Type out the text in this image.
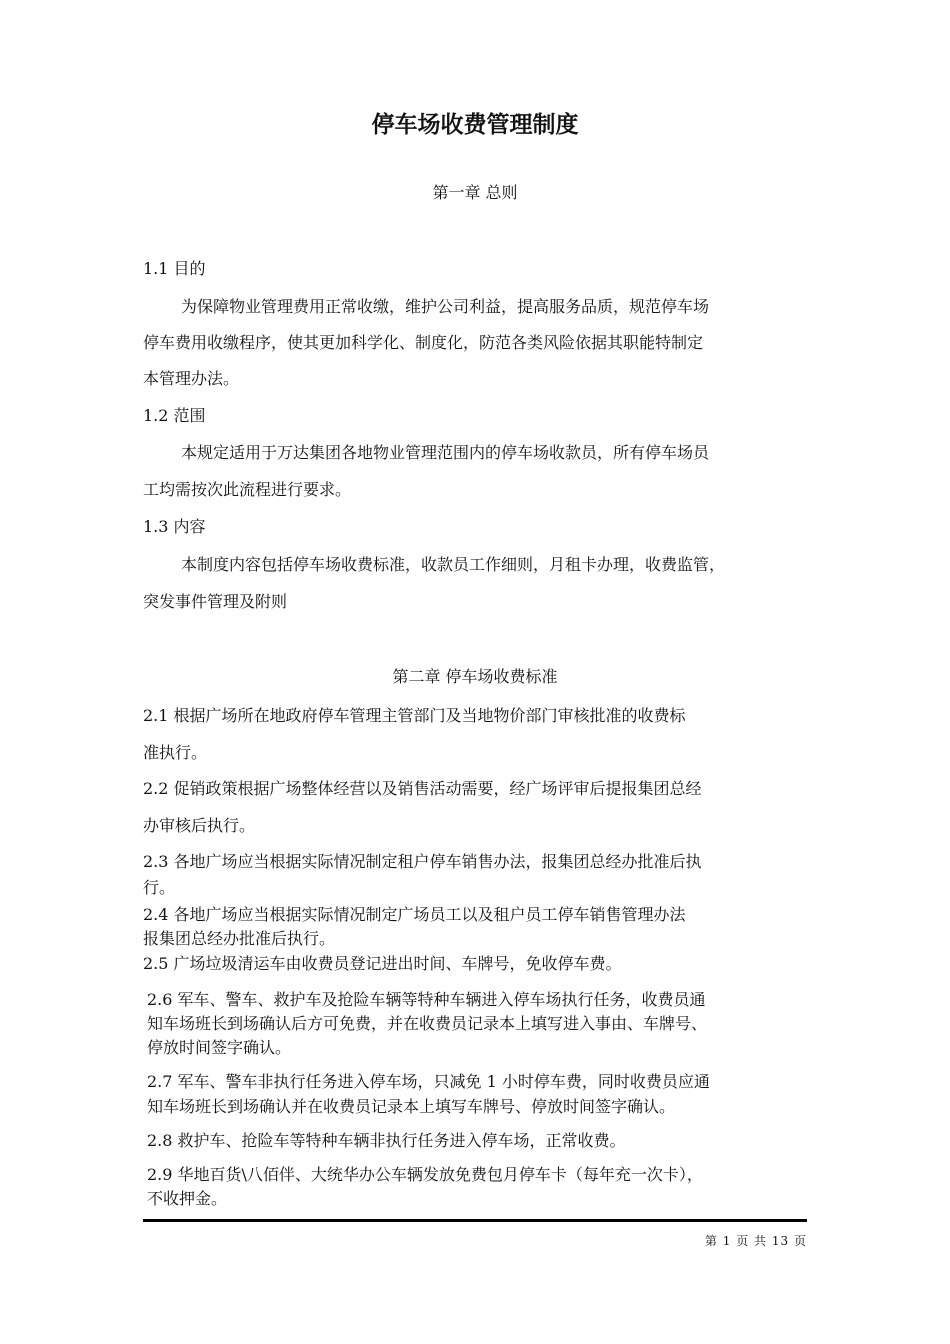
停车场收费管理制度
第一章 总则
1.1 目的
为保障物业管理费用正常收缴，维护公司利益，提高服务品质，规范停车场
停车费用收缴程序，使其更加科学化、制度化，防范各类风险依据其职能特制定
本管理办法。
1.2 范围
本规定适用于万达集团各地物业管理范围内的停车场收款员，所有停车场员
工均需按次此流程进行要求。
1.3 内容
本制度内容包括停车场收费标准，收款员工作细则，月租卡办理，收费监管，
突发事件管理及附则
第二章 停车场收费标准
2.1 根据广场所在地政府停车管理主管部门及当地物价部门审核批准的收费标
准执行。
2.2 促销政策根据广场整体经营以及销售活动需要，经广场评审后提报集团总经
办审核后执行。
2.3 各地广场应当根据实际情况制定租户停车销售办法，报集团总经办批准后执
行。
2.4 各地广场应当根据实际情况制定广场员工以及租户员工停车销售管理办法
报集团总经办批准后执行。
2.5 广场垃圾清运车由收费员登记进出时间、车牌号，免收停车费。
2.6 军车、警车、救护车及抢险车辆等特种车辆进入停车场执行任务，收费员通
知车场班长到场确认后方可免费，并在收费员记录本上填写进入事由、车牌号、
停放时间签字确认。
2.7 军车、警车非执行任务进入停车场，只减免 1 小时停车费，同时收费员应通
知车场班长到场确认并在收费员记录本上填写车牌号、停放时间签字确认。
2.8 救护车、抢险车等特种车辆非执行任务进入停车场，正常收费。
2.9 华地百货\八佰伴、大统华办公车辆发放免费包月停车卡（每年充一次卡），
不收押金。
第 1 页 共 13 页
